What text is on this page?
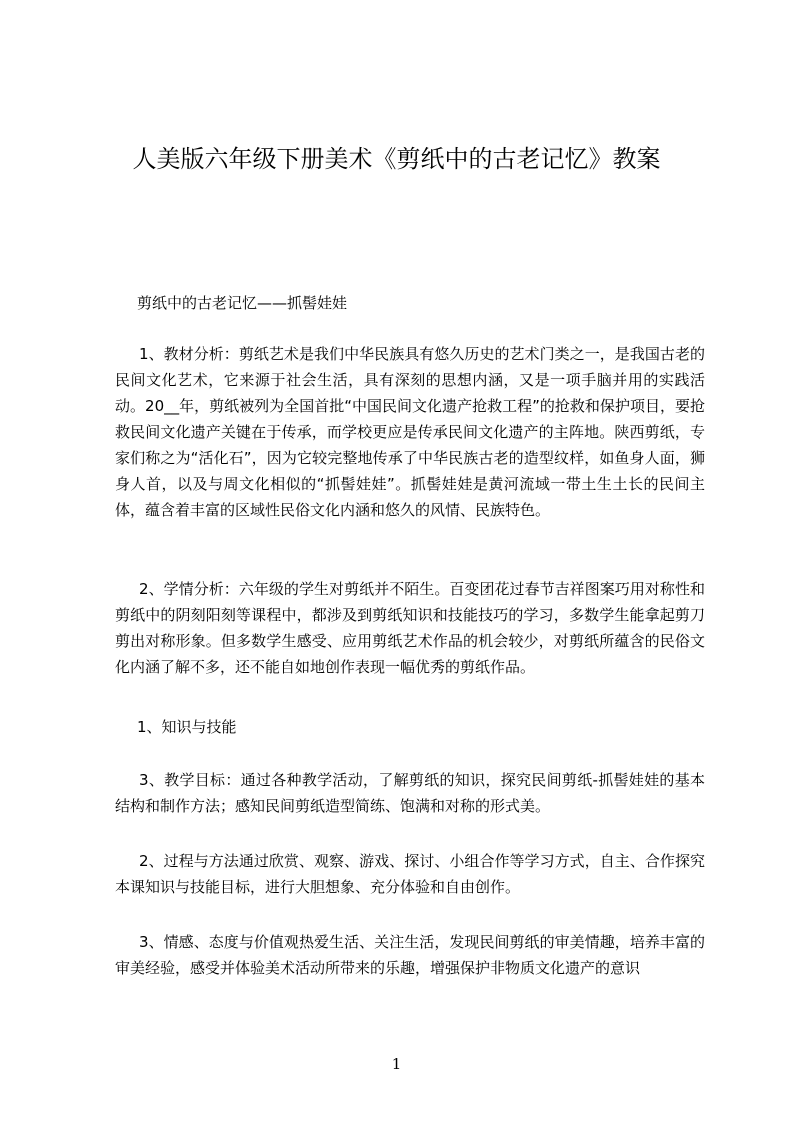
人美版六年级下册美术《剪纸中的古老记忆》教案

剪纸中的古老记忆——抓髻娃娃

1、教材分析：剪纸艺术是我们中华民族具有悠久历史的艺术门类之一，是我国古老的民间文化艺术，它来源于社会生活，具有深刻的思想内涵，又是一项手脑并用的实践活动。20__年，剪纸被列为全国首批“中国民间文化遗产抢救工程”的抢救和保护项目，要抢救民间文化遗产关键在于传承，而学校更应是传承民间文化遗产的主阵地。陕西剪纸，专家们称之为“活化石”，因为它较完整地传承了中华民族古老的造型纹样，如鱼身人面，狮身人首，以及与周文化相似的“抓髻娃娃”。抓髻娃娃是黄河流域一带土生土长的民间主体，蕴含着丰富的区域性民俗文化内涵和悠久的风情、民族特色。

2、学情分析：六年级的学生对剪纸并不陌生。百变团花过春节吉祥图案巧用对称性和剪纸中的阴刻阳刻等课程中，都涉及到剪纸知识和技能技巧的学习，多数学生能拿起剪刀剪出对称形象。但多数学生感受、应用剪纸艺术作品的机会较少，对剪纸所蕴含的民俗文化内涵了解不多，还不能自如地创作表现一幅优秀的剪纸作品。

1、知识与技能

3、教学目标：通过各种教学活动，了解剪纸的知识，探究民间剪纸-抓髻娃娃的基本结构和制作方法；感知民间剪纸造型简练、饱满和对称的形式美。

2、过程与方法通过欣赏、观察、游戏、探讨、小组合作等学习方式，自主、合作探究本课知识与技能目标，进行大胆想象、充分体验和自由创作。

3、情感、态度与价值观热爱生活、关注生活，发现民间剪纸的审美情趣，培养丰富的审美经验，感受并体验美术活动所带来的乐趣，增强保护非物质文化遗产的意识

1
